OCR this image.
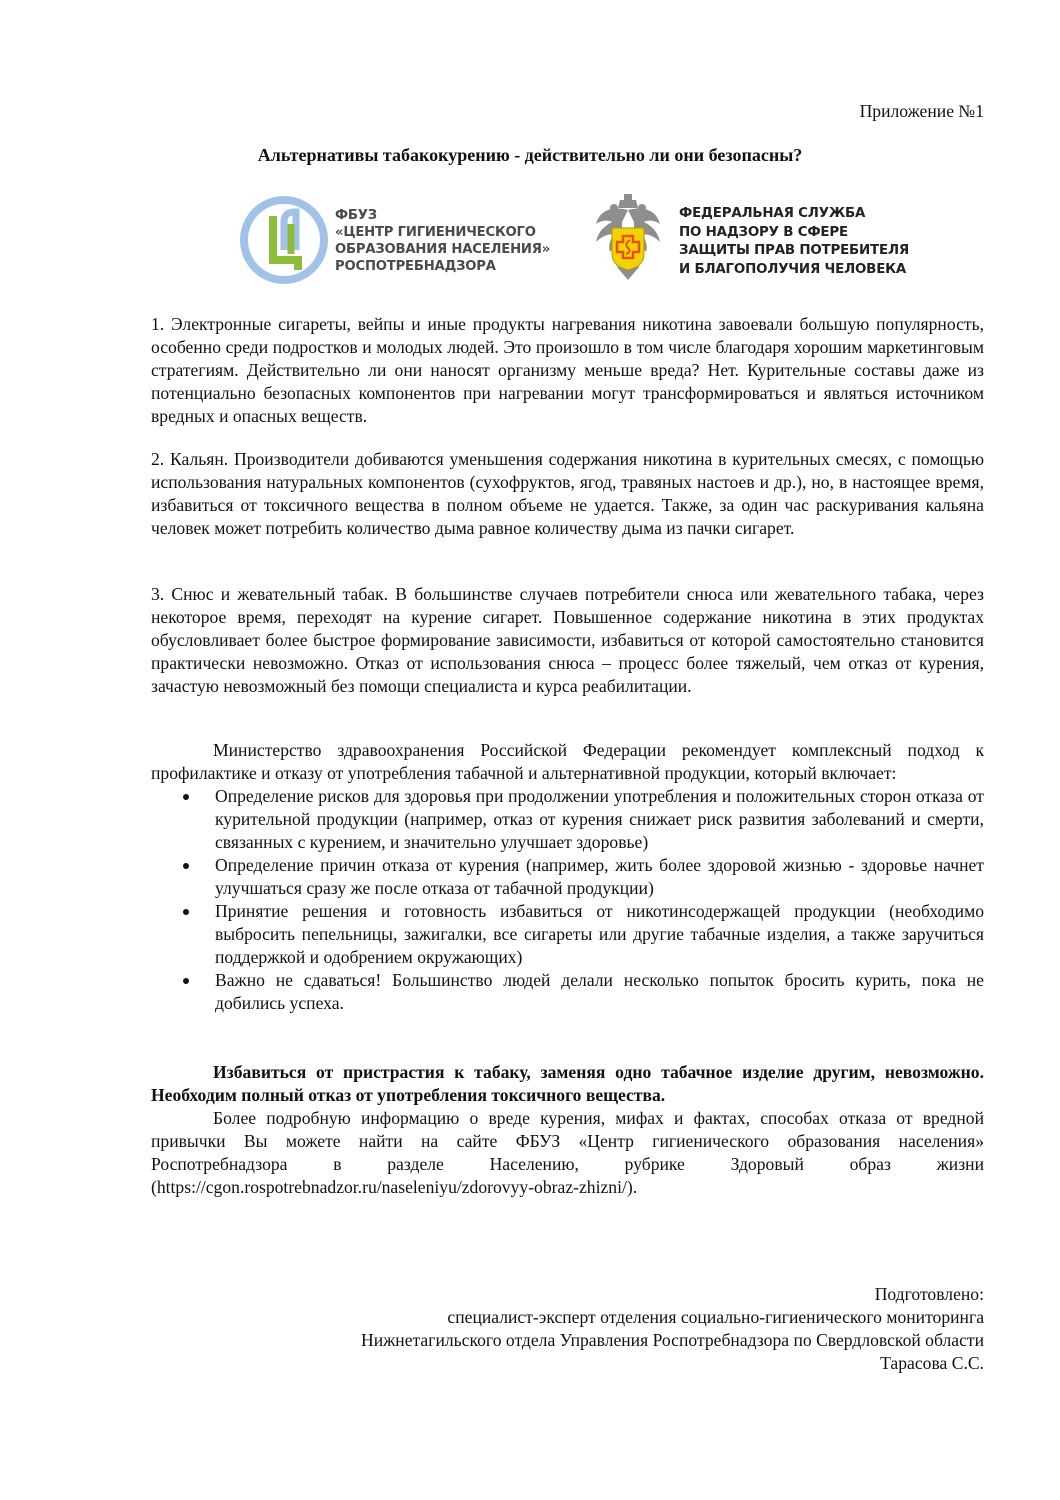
Приложение №1
Альтернативы табакокурению - действительно ли они безопасны?
ФБУЗ
«ЦЕНТР ГИГИЕНИЧЕСКОГО
ОБРАЗОВАНИЯ НАСЕЛЕНИЯ»
РОСПОТРЕБНАДЗОРА
ФЕДЕРАЛЬНАЯ СЛУЖБА
ПО НАДЗОРУ В СФЕРЕ
ЗАЩИТЫ ПРАВ ПОТРЕБИТЕЛЯ
И БЛАГОПОЛУЧИЯ ЧЕЛОВЕКА

1. Электронные сигареты, вейпы и иные продукты нагревания никотина завоевали большую популярность, особенно среди подростков и молодых людей. Это произошло в том числе благодаря хорошим маркетинговым стратегиям. Действительно ли они наносят организму меньше вреда? Нет. Курительные составы даже из потенциально безопасных компонентов при нагревании могут трансформироваться и являться источником вредных и опасных веществ.

2. Кальян. Производители добиваются уменьшения содержания никотина в курительных смесях, с помощью использования натуральных компонентов (сухофруктов, ягод, травяных настоев и др.), но, в настоящее время, избавиться от токсичного вещества в полном объеме не удается. Также, за один час раскуривания кальяна человек может потребить количество дыма равное количеству дыма из пачки сигарет.

3. Снюс и жевательный табак. В большинстве случаев потребители снюса или жевательного табака, через некоторое время, переходят на курение сигарет. Повышенное содержание никотина в этих продуктах обусловливает более быстрое формирование зависимости, избавиться от которой самостоятельно становится практически невозможно. Отказ от использования снюса – процесс более тяжелый, чем отказ от курения, зачастую невозможный без помощи специалиста и курса реабилитации.

Министерство здравоохранения Российской Федерации рекомендует комплексный подход к профилактике и отказу от употребления табачной и альтернативной продукции, который включает:

Определение рисков для здоровья при продолжении употребления и положительных сторон отказа от курительной продукции (например, отказ от курения снижает риск развития заболеваний и смерти, связанных с курением, и значительно улучшает здоровье)
Определение причин отказа от курения (например, жить более здоровой жизнью - здоровье начнет улучшаться сразу же после отказа от табачной продукции)
Принятие решения и готовность избавиться от никотинсодержащей продукции (необходимо выбросить пепельницы, зажигалки, все сигареты или другие табачные изделия, а также заручиться поддержкой и одобрением окружающих)
Важно не сдаваться! Большинство людей делали несколько попыток бросить курить, пока не добились успеха.

Избавиться от пристрастия к табаку, заменяя одно табачное изделие другим, невозможно. Необходим полный отказ от употребления токсичного вещества.

Более подробную информацию о вреде курения, мифах и фактах, способах отказа от вредной привычки Вы можете найти на сайте ФБУЗ «Центр гигиенического образования населения» Роспотребнадзора в разделе Населению, рубрике Здоровый образ жизни (https://cgon.rospotrebnadzor.ru/naseleniyu/zdorovyy-obraz-zhizni/).

Подготовлено:
специалист-эксперт отделения социально-гигиенического мониторинга
Нижнетагильского отдела Управления Роспотребнадзора по Свердловской области
Тарасова С.С.
